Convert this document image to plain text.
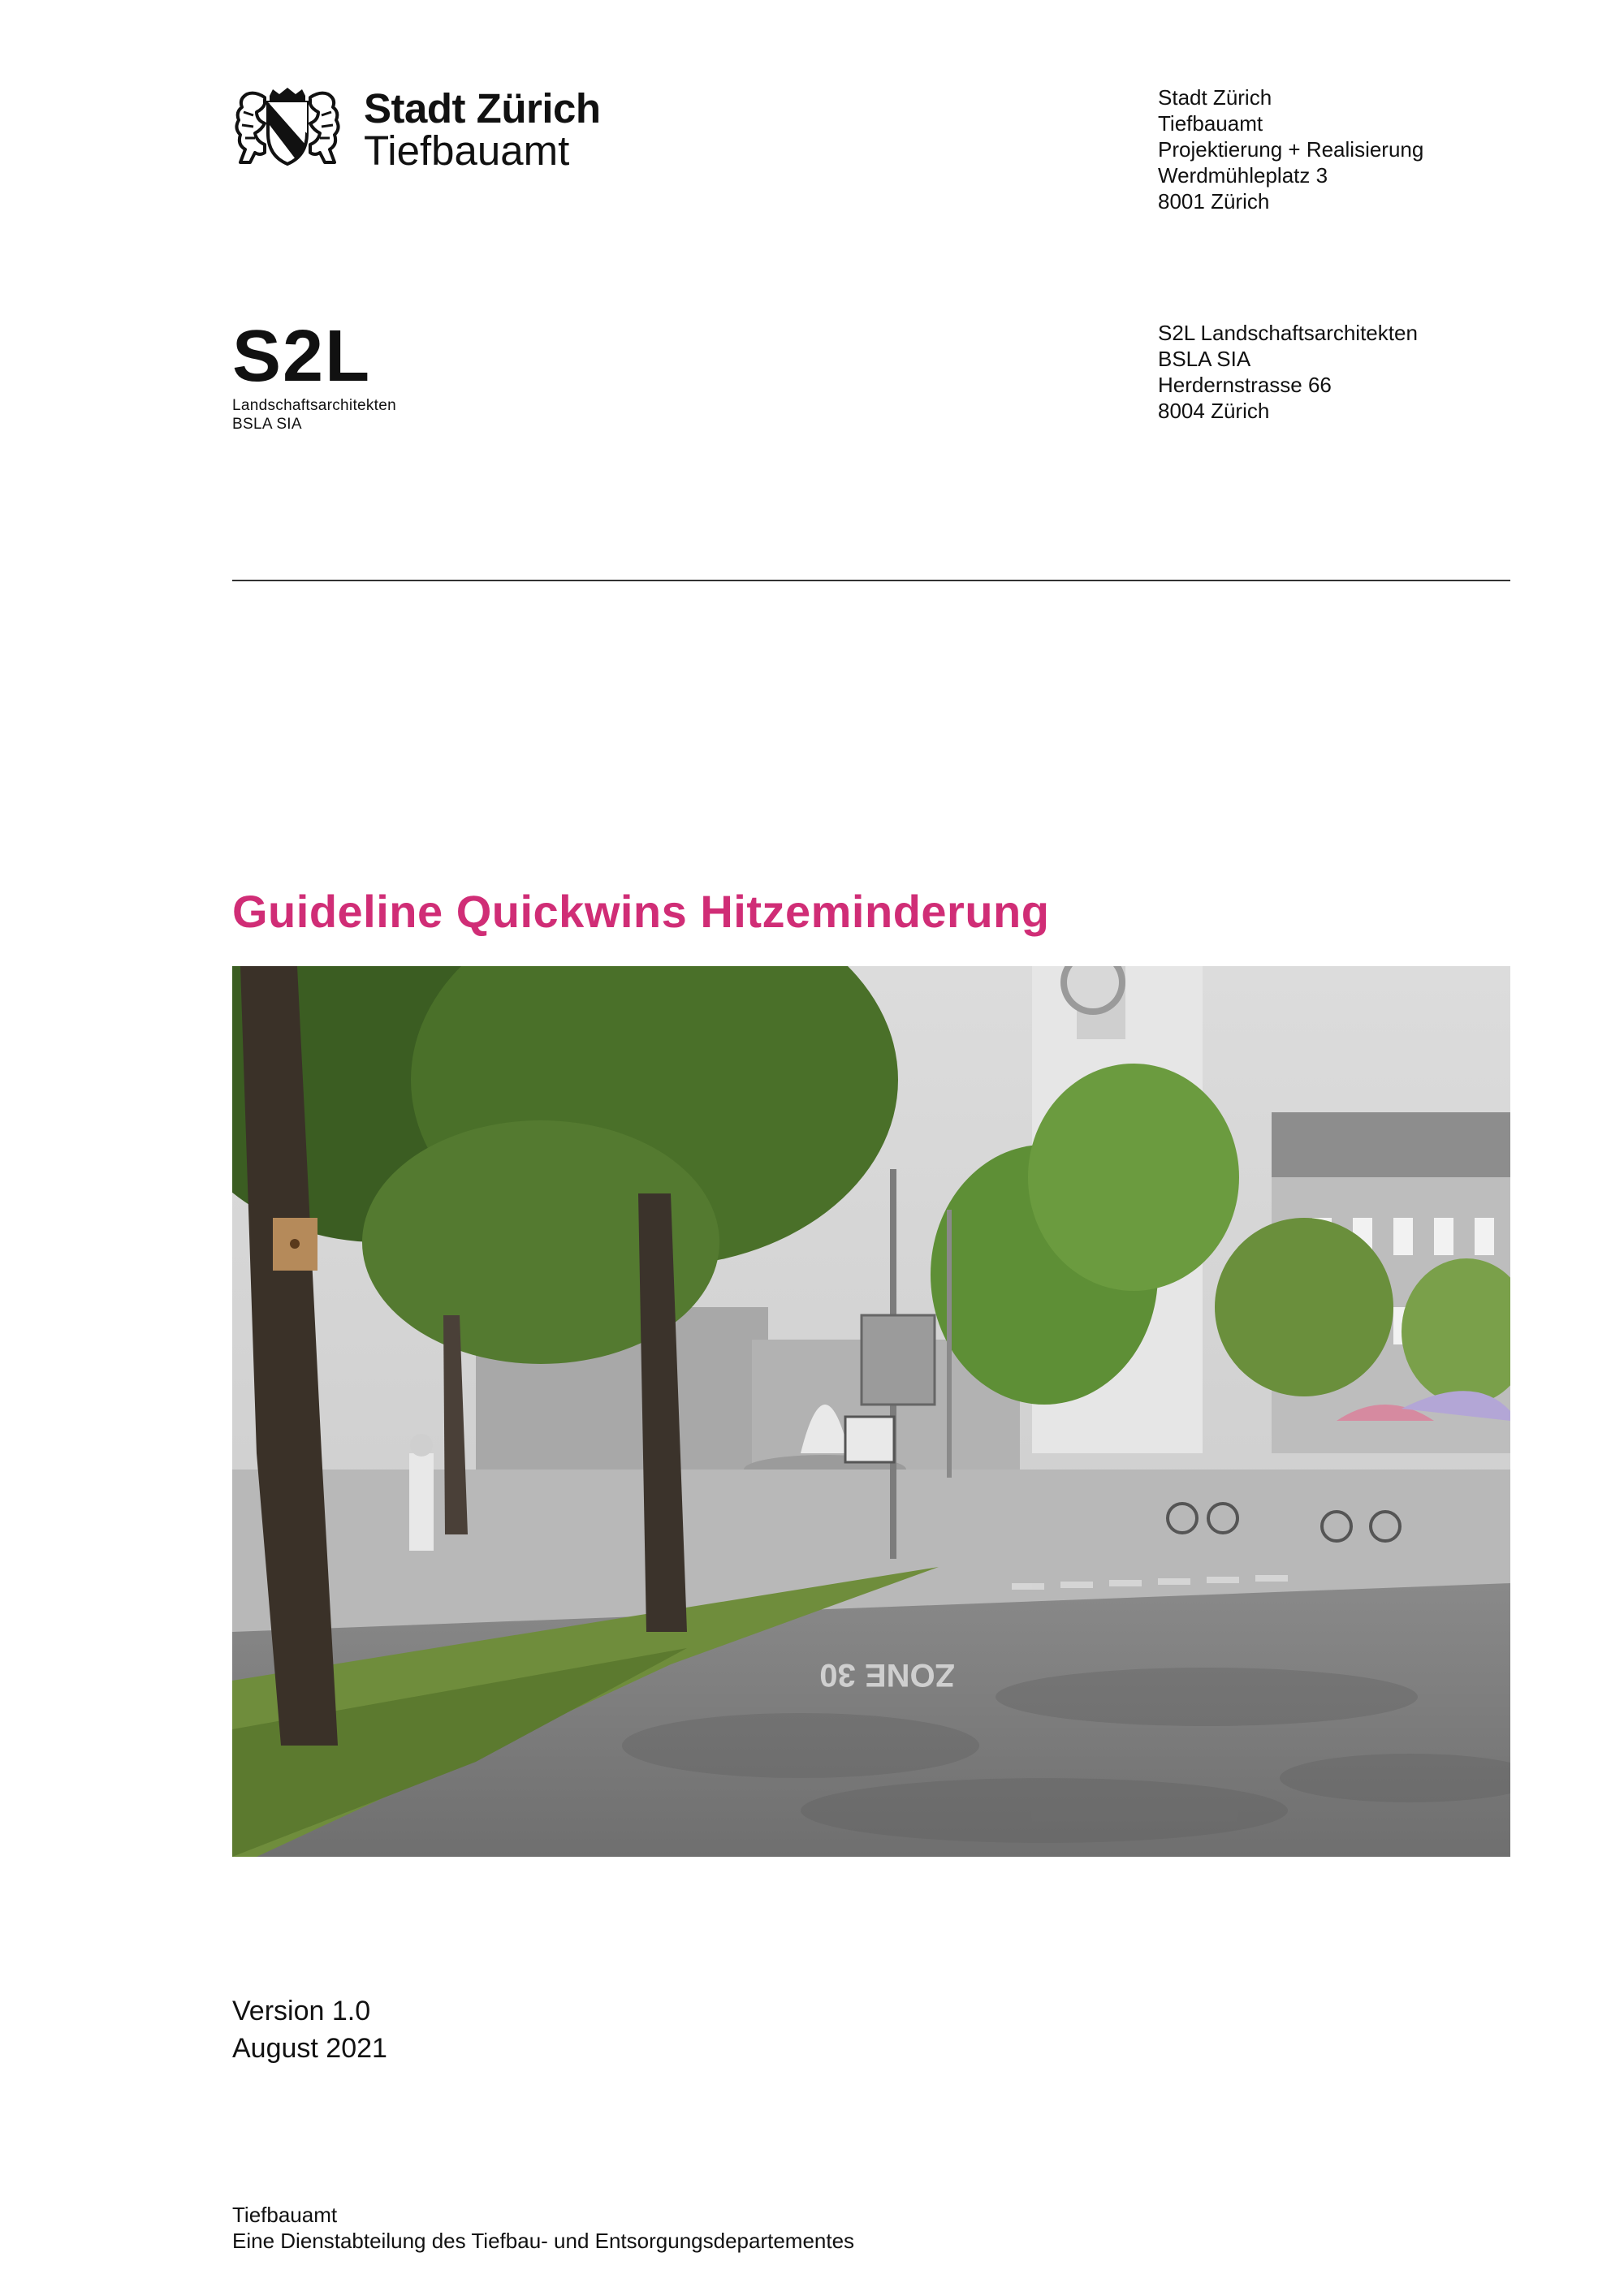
Stadt Zürich
Tiefbauamt
Stadt Zürich
Tiefbauamt
Projektierung + Realisierung
Werdmühleplatz 3
8001 Zürich
S2L
Landschaftsarchitekten
BSLA SIA
S2L Landschaftsarchitekten
BSLA SIA
Herdernstrasse 66
8004 Zürich
Guideline Quickwins Hitzeminderung
ZONE 30
Version 1.0
August 2021
Tiefbauamt
Eine Dienstabteilung des Tiefbau- und Entsorgungsdepartementes
